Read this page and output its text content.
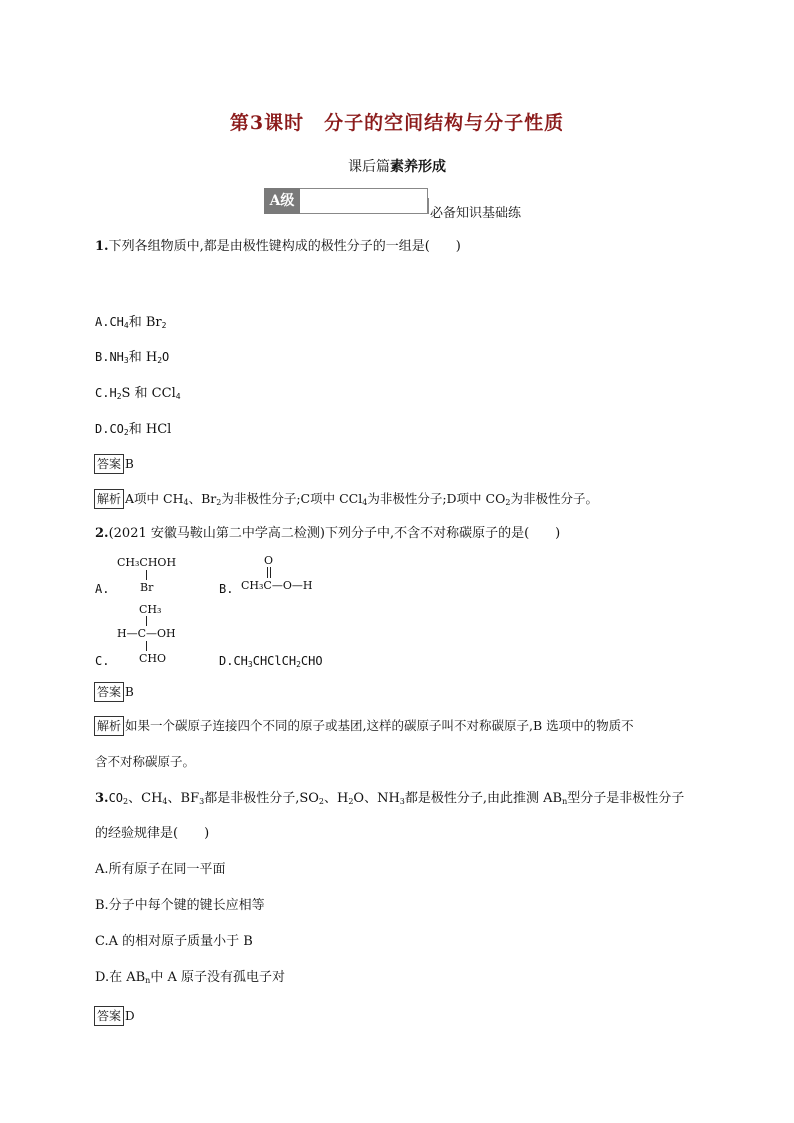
第3课时　分子的空间结构与分子性质
课后篇素养形成
A级
必备知识基础练
1.下列各组物质中,都是由极性键构成的极性分子的一组是(　　)
$A.CH_4$和 $Br_2$
$B.NH_3$和 $H_2O$
$C.H_2S$ 和 CCl$_4$
$D.CO_2$和 HCl
答案 B
解析 A项中 $CH_4$、$Br_2$为非极性分子;C项中 CCl$_4$为非极性分子;D项中 $CO_2$为非极性分子。
2.(2021 安徽马鞍山第二中学高二检测)下列分子中,不含不对称碳原子的是(　　)
A.
CH₃CHOH
Br	B.
O
CH₃C—O—H
CH₃
H—C—OH
CHO
C.	$D.CH_3CHClCH_2CHO$
答案 B
解析 如果一个碳原子连接四个不同的原子或基团,这样的碳原子叫不对称碳原子,B 选项中的物质不
含不对称碳原子。
$3.CO_2$、$CH_4$、$BF_3$都是非极性分子$,SO_2$、$H_2O$、$NH_3$都是极性分子,由此推测 $AB_n$型分子是非极性分子
的经验规律是(　　)
A.所有原子在同一平面
B.分子中每个键的键长应相等
C.A 的相对原子质量小于 B
D.在 $AB_n$中 A 原子没有孤电子对
答案 D
